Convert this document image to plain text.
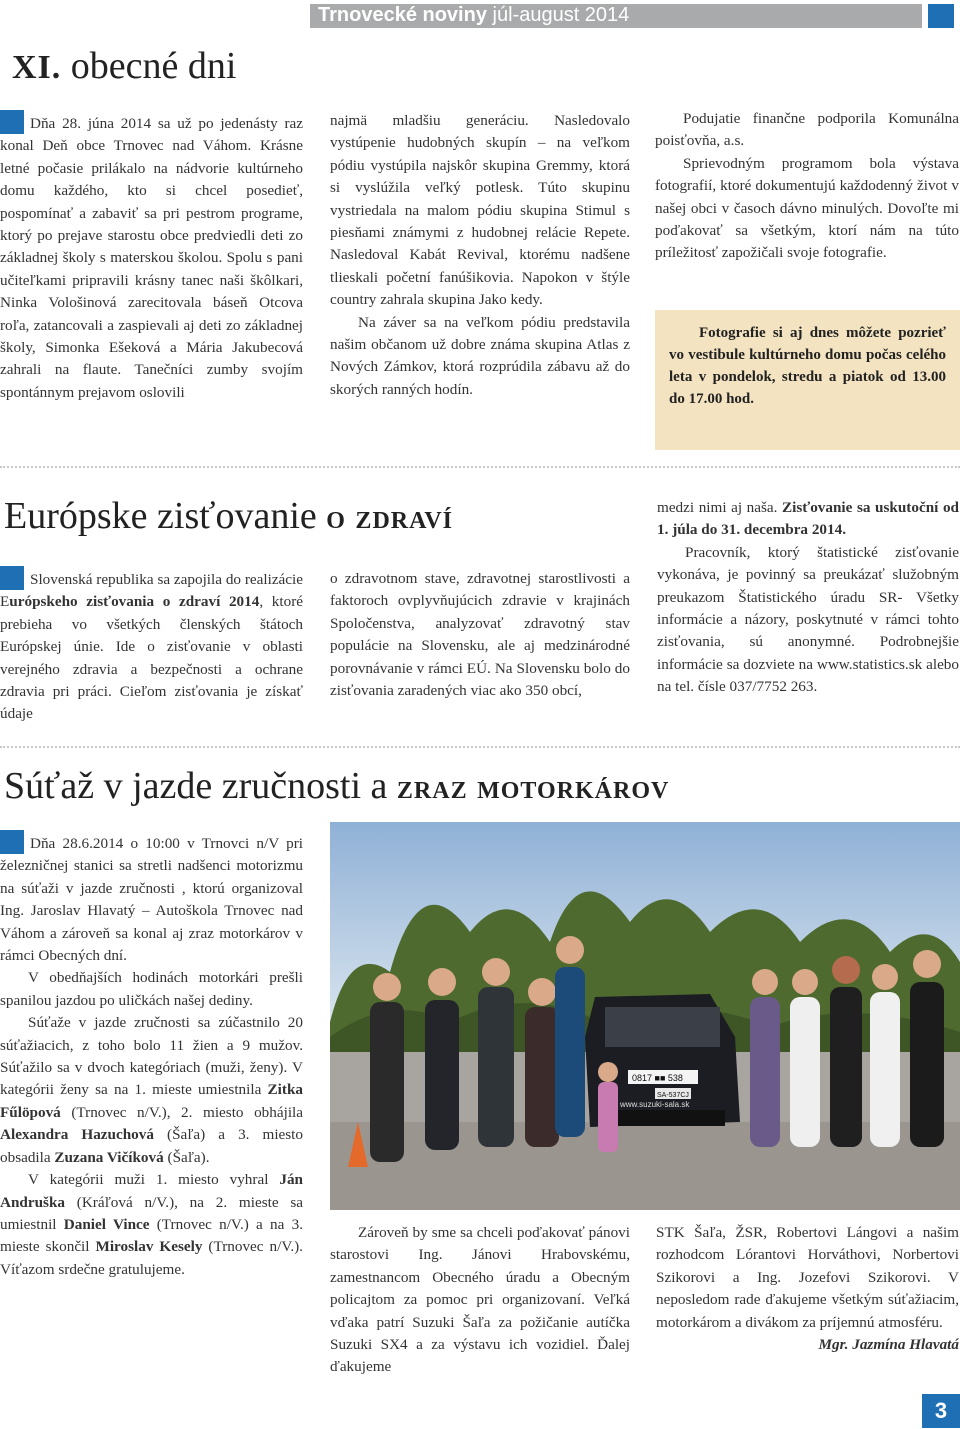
Trnovecké noviny júl-august 2014
XI. obecné dni

Dňa 28. júna 2014 sa už po jedenásty raz konal Deň obce Trnovec nad Váhom. Krásne letné počasie prilákalo na nádvorie kultúrneho domu každého, kto si chcel posedieť, pospomínať a zabaviť sa pri pestrom programe, ktorý po prejave starostu obce predviedli deti zo základnej školy s materskou školou. Spolu s pani učiteľkami pripravili krásny tanec naši škôlkari, Ninka Vološinová zarecitovala báseň Otcova roľa, zatancovali a zaspievali aj deti zo základnej školy, Simonka Ešeková a Mária Jakubecová zahrali na flaute. Tanečníci zumby svojím spontánnym prejavom oslovili

najmä mladšiu generáciu. Nasledovalo vystúpenie hudobných skupín – na veľkom pódiu vystúpila najskôr skupina Gremmy, ktorá si vyslúžila veľký potlesk. Túto skupinu vystriedala na malom pódiu skupina Stimul s piesňami známymi z hudobnej relácie Repete. Nasledoval Kabát Revival, ktorému nadšene tlieskali početní fanúšikovia. Napokon v štýle country zahrala skupina Jako kedy.

Na záver sa na veľkom pódiu predstavila našim občanom už dobre známa skupina Atlas z Nových Zámkov, ktorá rozprúdila zábavu až do skorých ranných hodín.

Podujatie finančne podporila Komunálna poisťovňa, a.s.

Sprievodným programom bola výstava fotografií, ktoré dokumentujú každodenný život v našej obci v časoch dávno minulých. Dovoľte mi poďakovať sa všetkým, ktorí nám na túto príležitosť zapožičali svoje fotografie.

Fotografie si aj dnes môžete pozrieť vo vestibule kultúrneho domu počas celého leta v pondelok, stredu a piatok od 13.00 do 17.00 hod.

Európske zisťovanie o zdraví

Slovenská republika sa zapojila do realizácie Európskeho zisťovania o zdraví 2014, ktoré prebieha vo všetkých členských štátoch Európskej únie. Ide o zisťovanie v oblasti verejného zdravia a bezpečnosti a ochrane zdravia pri práci. Cieľom zisťovania je získať údaje

o zdravotnom stave, zdravotnej starostlivosti a faktoroch ovplyvňujúcich zdravie v krajinách Spoločenstva, analyzovať zdravotný stav populácie na Slovensku, ale aj medzinárodné porovnávanie v rámci EÚ. Na Slovensku bolo do zisťovania zaradených viac ako 350 obcí,

medzi nimi aj naša. Zisťovanie sa uskutoční od 1. júla do 31. decembra 2014.

Pracovník, ktorý štatistické zisťovanie vykonáva, je povinný sa preukázať služobným preukazom Štatistického úradu SR- Všetky informácie a názory, poskytnuté v rámci tohto zisťovania, sú anonymné. Podrobnejšie informácie sa dozviete na www.statistics.sk alebo na tel. čísle 037/7752 263.

Súťaž v jazde zručnosti a zraz motorkárov

Dňa 28.6.2014 o 10:00 v Trnovci n/V pri železničnej stanici sa stretli nadšenci motorizmu na súťaži v jazde zručnosti , ktorú organizoval Ing. Jaroslav Hlavatý – Autoškola Trnovec nad Váhom a zároveň sa konal aj zraz motorkárov v rámci Obecných dní.

V obedňajších hodinách motorkári prešli spanilou jazdou po uličkách našej dediny.

Súťaže v jazde zručnosti sa zúčastnilo 20 súťažiacich, z toho bolo 11 žien a 9 mužov. Súťažilo sa v dvoch kategóriach (muži, ženy). V kategórii ženy sa na 1. mieste umiestnila Zitka Fűlöpová (Trnovec n/V.), 2. miesto obhájila Alexandra Hazuchová (Šaľa) a 3. miesto obsadila Zuzana Vičíková (Šaľa).

V kategórii muži 1. miesto vyhral Ján Andruška (Kráľová n/V.), na 2. mieste sa umiestnil Daniel Vince (Trnovec n/V.) a na 3. mieste skončil Miroslav Kesely (Trnovec n/V.). Víťazom srdečne gratulujeme.

0817 ■■ 538
SA-537CJ
www.suzuki-sala.sk

Zároveň by sme sa chceli poďakovať pánovi starostovi Ing. Jánovi Hrabovskému, zamestnancom Obecného úradu a Obecným policajtom za pomoc pri organizovaní. Veľká vďaka patrí Suzuki Šaľa za požičanie autíčka Suzuki SX4 a za výstavu ich vozidiel. Ďalej ďakujeme

STK Šaľa, ŽSR, Robertovi Lángovi a našim rozhodcom Lórantovi Horváthovi, Norbertovi Szikorovi a Ing. Jozefovi Szikorovi. V neposledom rade ďakujeme všetkým súťažiacim, motorkárom a divákom za príjemnú atmosféru.

Mgr. Jazmína Hlavatá

3
